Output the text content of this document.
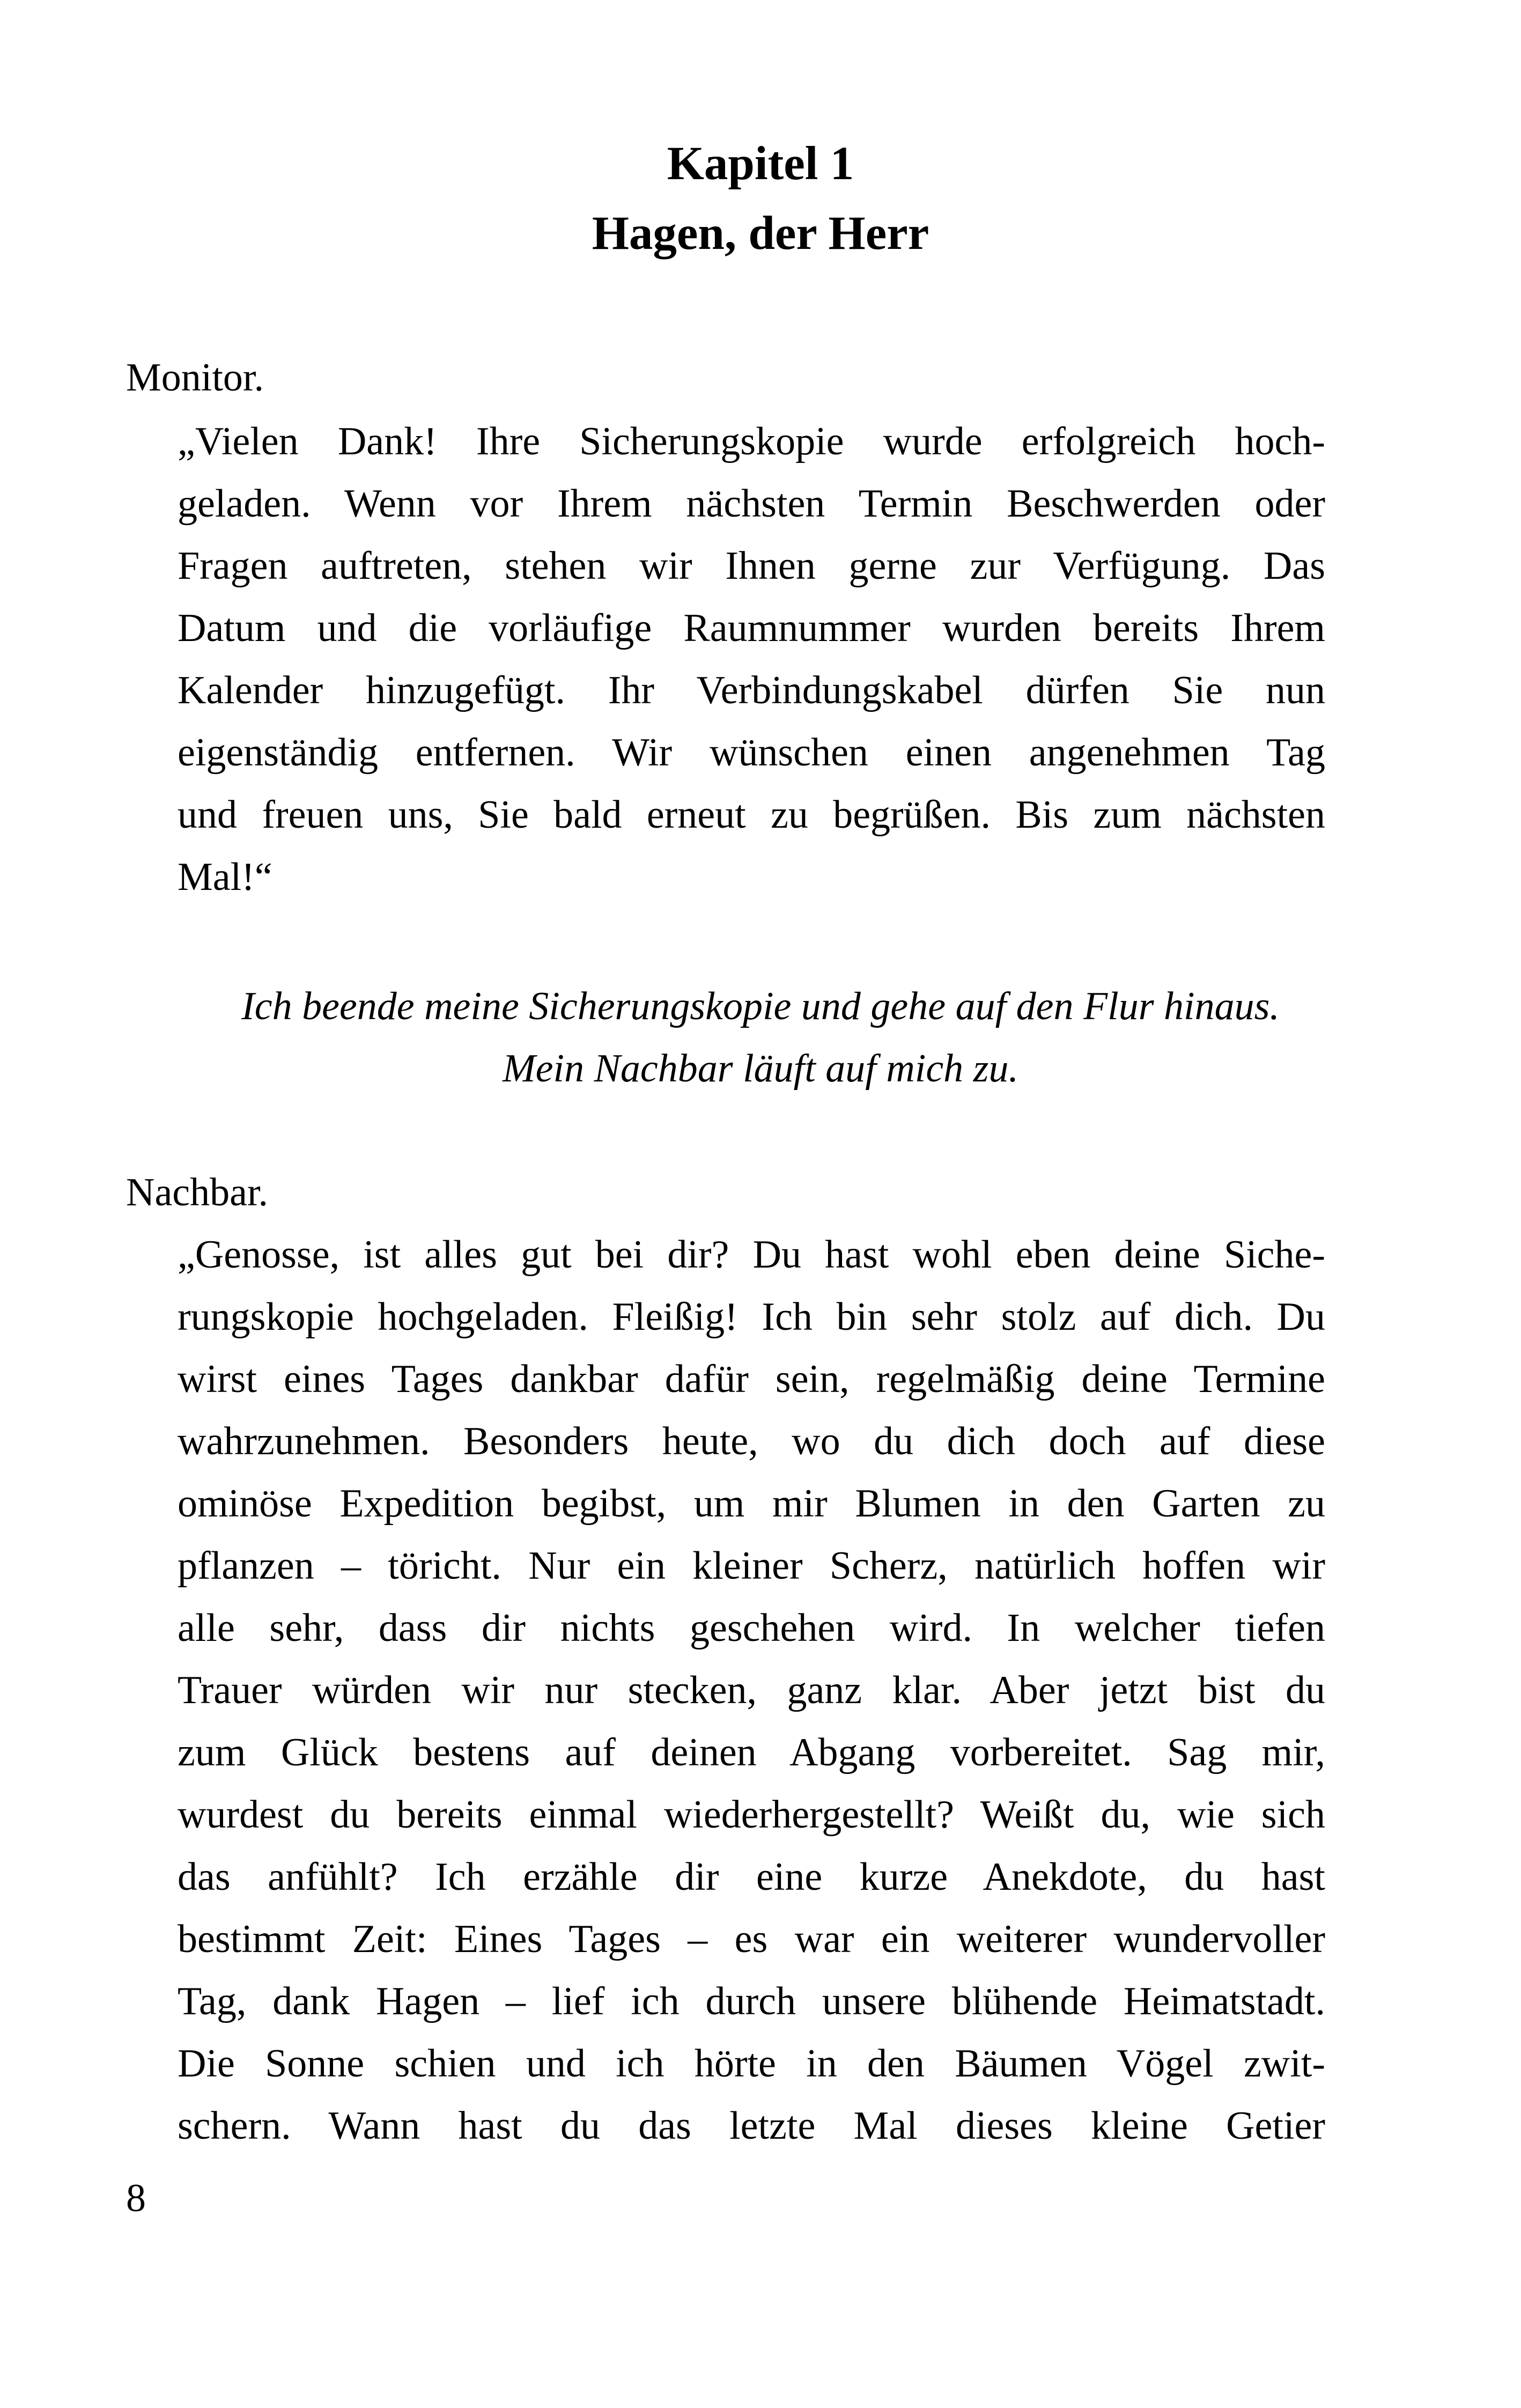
Kapitel 1
Hagen, der Herr
Monitor.
„Vielen Dank! Ihre Sicherungskopie wurde erfolgreich hoch-
geladen. Wenn vor Ihrem nächsten Termin Beschwerden oder
Fragen auftreten, stehen wir Ihnen gerne zur Verfügung. Das
Datum und die vorläufige Raumnummer wurden bereits Ihrem
Kalender hinzugefügt. Ihr Verbindungskabel dürfen Sie nun
eigenständig entfernen. Wir wünschen einen angenehmen Tag
und freuen uns, Sie bald erneut zu begrüßen. Bis zum nächsten
Mal!“
Ich beende meine Sicherungskopie und gehe auf den Flur hinaus.
Mein Nachbar läuft auf mich zu.
Nachbar.
„Genosse, ist alles gut bei dir? Du hast wohl eben deine Siche-
rungskopie hochgeladen. Fleißig! Ich bin sehr stolz auf dich. Du
wirst eines Tages dankbar dafür sein, regelmäßig deine Termine
wahrzunehmen. Besonders heute, wo du dich doch auf diese
ominöse Expedition begibst, um mir Blumen in den Garten zu
pflanzen – töricht. Nur ein kleiner Scherz, natürlich hoffen wir
alle sehr, dass dir nichts geschehen wird. In welcher tiefen
Trauer würden wir nur stecken, ganz klar. Aber jetzt bist du
zum Glück bestens auf deinen Abgang vorbereitet. Sag mir,
wurdest du bereits einmal wiederhergestellt? Weißt du, wie sich
das anfühlt? Ich erzähle dir eine kurze Anekdote, du hast
bestimmt Zeit: Eines Tages – es war ein weiterer wundervoller
Tag, dank Hagen – lief ich durch unsere blühende Heimatstadt.
Die Sonne schien und ich hörte in den Bäumen Vögel zwit-
schern. Wann hast du das letzte Mal dieses kleine Getier
8
